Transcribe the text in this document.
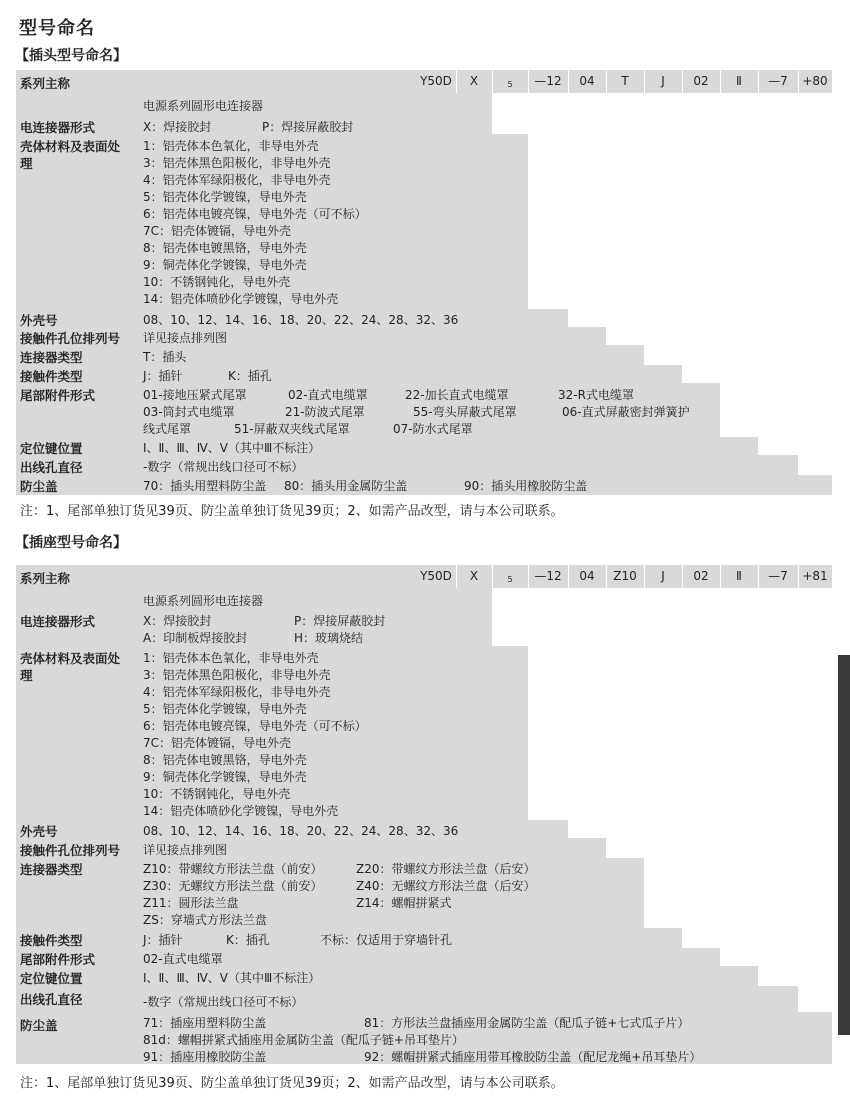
型号命名
【插头型号命名】
系列主称	Y50D	X	5	—12	04	T	J	02	Ⅱ	—7	+80
电源系列圆形电连接器
电连接器形式	X：焊接胶封	P：焊接屏蔽胶封
壳体材料及表面处
理
1：铝壳体本色氧化，非导电外壳
3：铝壳体黑色阳极化，非导电外壳
4：铝壳体军绿阳极化，非导电外壳
5：铝壳体化学镀镍，导电外壳
6：铝壳体电镀亮镍，导电外壳（可不标）
7C：铝壳体镀镉，导电外壳
8：铝壳体电镀黑铬，导电外壳
9：铜壳体化学镀镍，导电外壳
10：不锈钢钝化，导电外壳
14：铝壳体喷砂化学镀镍，导电外壳
外壳号	08、10、12、14、16、18、20、22、24、28、32、36
接触件孔位排列号 详见接点排列图
连接器类型	T：插头
接触件类型	J：插针	K：插孔
尾部附件形式	01-接地压紧式尾罩	02-直式电缆罩	22-加长直式电缆罩	32-R式电缆罩
03-筒封式电缆罩	21-防波式尾罩	55-弯头屏蔽式尾罩	06-直式屏蔽密封弹簧护
线式尾罩	51-屏蔽双夹线式尾罩	07-防水式尾罩
定位键位置	Ⅰ、Ⅱ、Ⅲ、Ⅳ、Ⅴ（其中Ⅲ不标注）
出线孔直径	-数字（常规出线口径可不标）
防尘盖	70：插头用塑料防尘盖 80：插头用金属防尘盖	90：插头用橡胶防尘盖
注：1、尾部单独订货见39页、防尘盖单独订货见39页；2、如需产品改型，请与本公司联系。
【插座型号命名】
系列主称	Y50D	X	5	—12	04	Z10	J	02	Ⅱ	—7	+81
电源系列圆形电连接器
电连接器形式	X：焊接胶封	P：焊接屏蔽胶封
A：印制板焊接胶封	H：玻璃烧结
壳体材料及表面处
理
1：铝壳体本色氧化，非导电外壳
3：铝壳体黑色阳极化，非导电外壳
4：铝壳体军绿阳极化，非导电外壳
5：铝壳体化学镀镍，导电外壳
6：铝壳体电镀亮镍，导电外壳（可不标）
7C：铝壳体镀镉，导电外壳
8：铝壳体电镀黑铬，导电外壳
9：铜壳体化学镀镍，导电外壳
10：不锈钢钝化，导电外壳
14：铝壳体喷砂化学镀镍，导电外壳
外壳号	08、10、12、14、16、18、20、22、24、28、32、36
接触件孔位排列号 详见接点排列图
连接器类型	Z10：带螺纹方形法兰盘（前安）	Z20：带螺纹方形法兰盘（后安）
Z30：无螺纹方形法兰盘（前安）	Z40：无螺纹方形法兰盘（后安）
Z11：圆形法兰盘	Z14：螺帽拼紧式
ZS：穿墙式方形法兰盘
接触件类型	J：插针	K：插孔	不标：仅适用于穿墙针孔
尾部附件形式	02-直式电缆罩
定位键位置	Ⅰ、Ⅱ、Ⅲ、Ⅳ、Ⅴ（其中Ⅲ不标注）
出线孔直径	-数字（常规出线口径可不标）
防尘盖	71：插座用塑料防尘盖	81：方形法兰盘插座用金属防尘盖（配瓜子链+七式瓜子片）
81d：螺帽拼紧式插座用金属防尘盖（配瓜子链+吊耳垫片）
91：插座用橡胶防尘盖	92：螺帽拼紧式插座用带耳橡胶防尘盖（配尼龙绳+吊耳垫片）
注：1、尾部单独订货见39页、防尘盖单独订货见39页；2、如需产品改型，请与本公司联系。
